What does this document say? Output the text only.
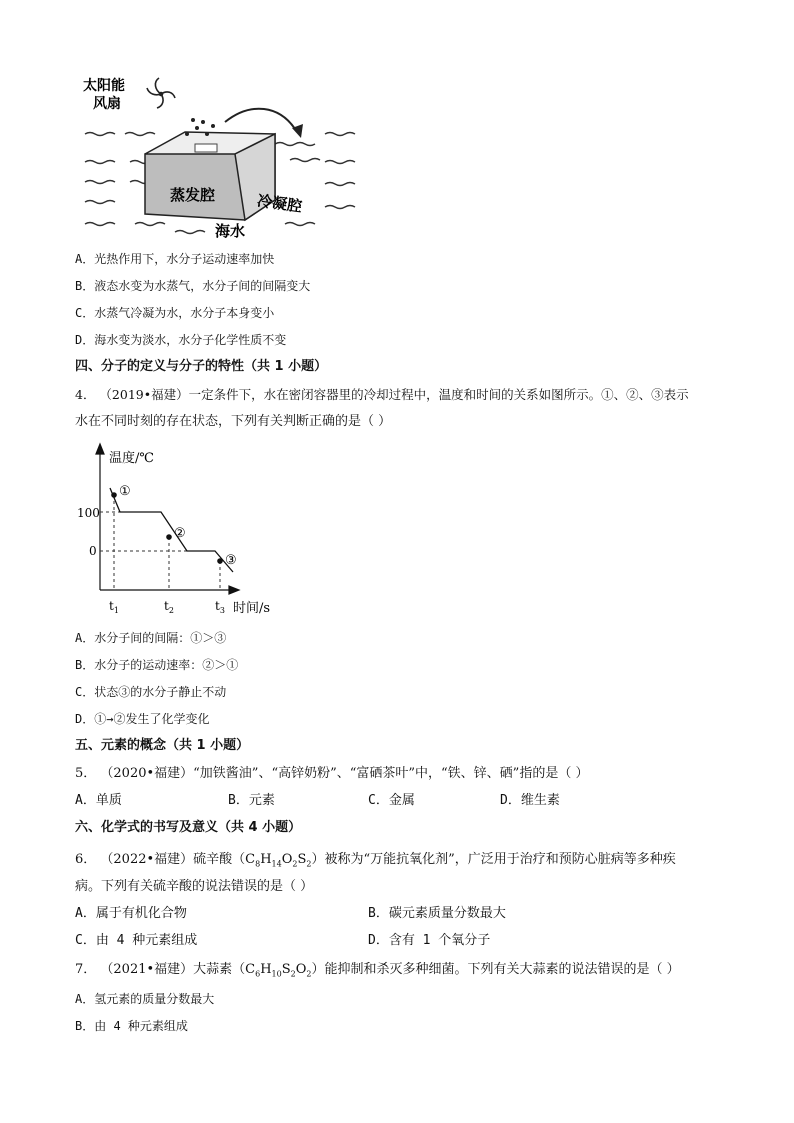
太阳能
风扇
蒸发腔	冷凝腔
海水
A．光热作用下，水分子运动速率加快
B．液态水变为水蒸气，水分子间的间隔变大
C．水蒸气冷凝为水，水分子本身变小
D．海水变为淡水，水分子化学性质不变
四、分子的定义与分子的特性（共 1 小题）
4． （2019•福建）一定条件下，水在密闭容器里的冷却过程中，温度和时间的关系如图所示。①、②、③表示
水在不同时刻的存在状态，下列有关判断正确的是（ ）
温度/℃
时间/s
100
0
①
②
③
$t_1$	$t_2$	$t_3$
A．水分子间的间隔：①＞③
B．水分子的运动速率：②＞①
C．状态③的水分子静止不动
D．①→②发生了化学变化
五、元素的概念（共 1 小题）
5． （2020•福建）“加铁酱油”、“高锌奶粉”、“富硒茶叶”中，“铁、锌、硒”指的是（ ）
A．单质	B．元素	C．金属	D．维生素
六、化学式的书写及意义（共 4 小题）
6． （2022•福建）硫辛酸$(C_8H_{14}O_2S_2)$被称为“万能抗氧化剂”，广泛用于治疗和预防心脏病等多种疾
病。下列有关硫辛酸的说法错误的是（ ）
A．属于有机化合物	B．碳元素质量分数最大
C．由 4 种元素组成	D．含有 1 个氧分子
7． （2021•福建）大蒜素$(C_6H_{10}S_2O_2)$能抑制和杀灭多种细菌。下列有关大蒜素的说法错误的是（ ）
A．氢元素的质量分数最大
B．由 4 种元素组成
